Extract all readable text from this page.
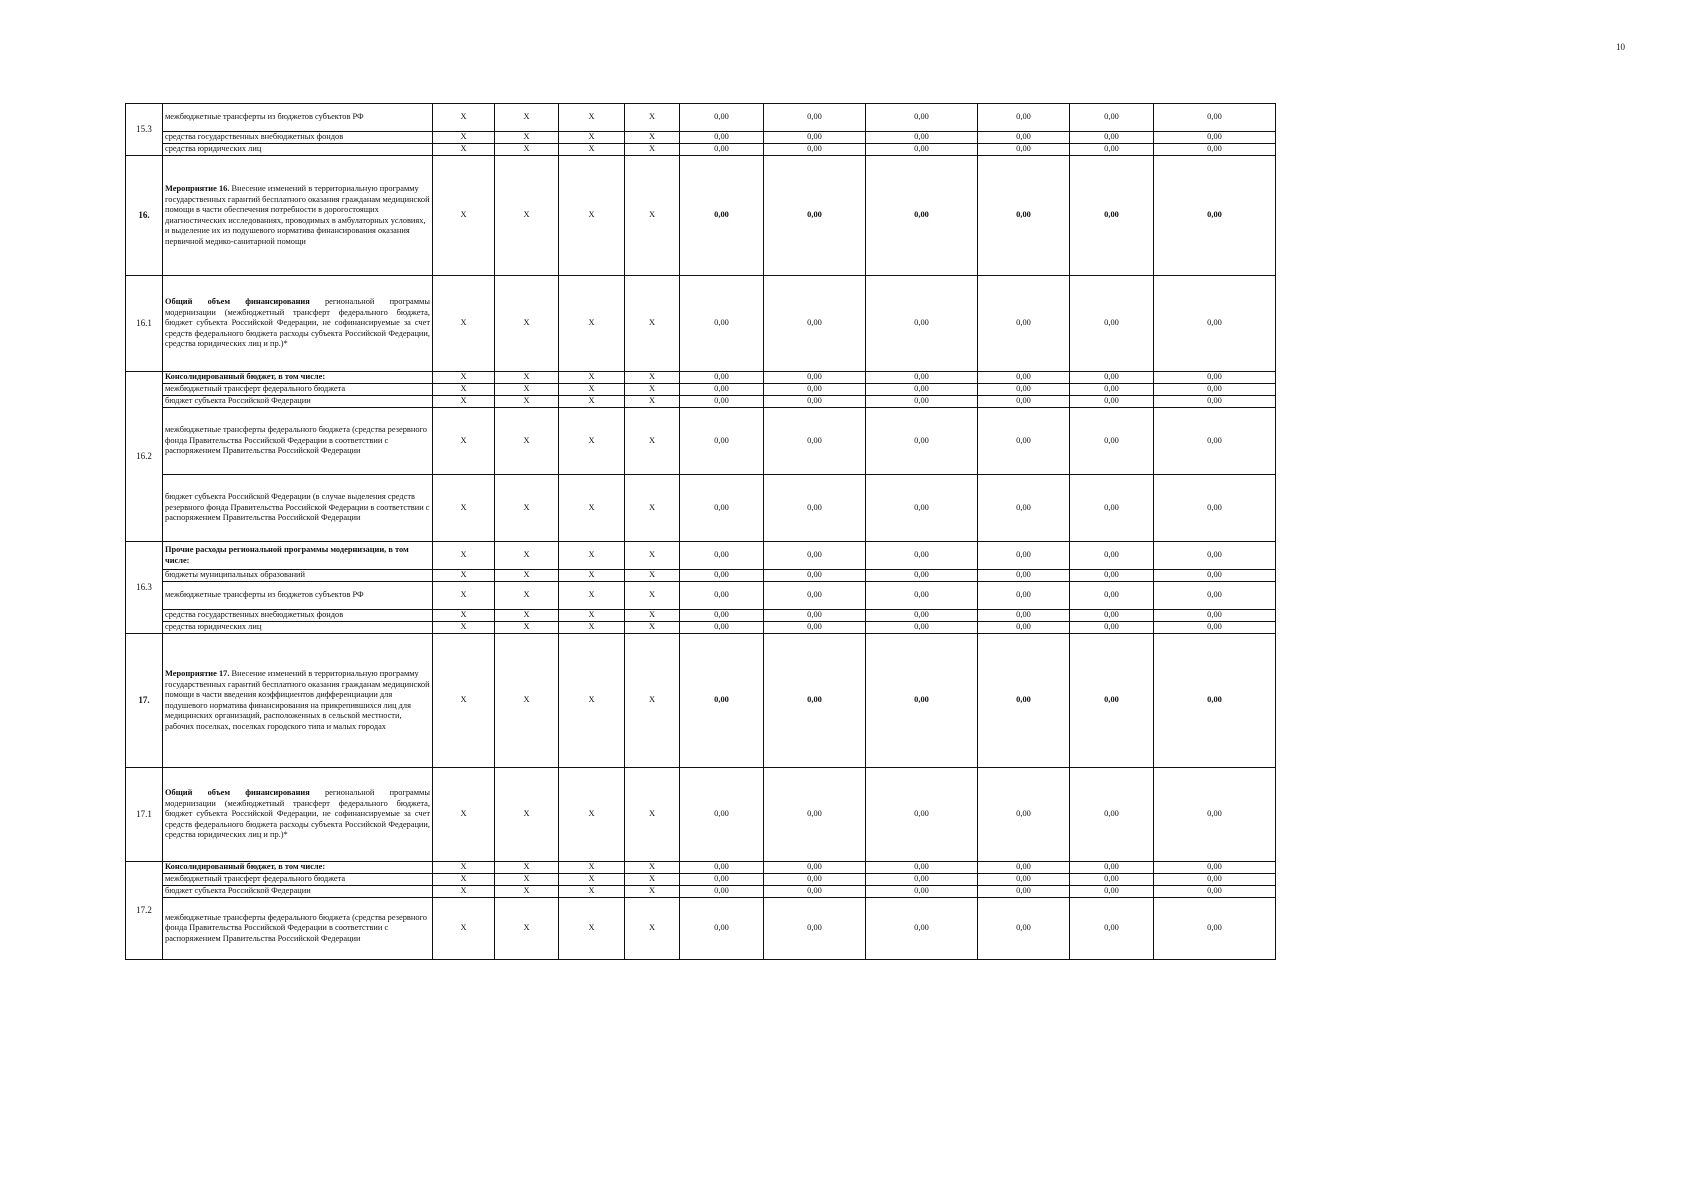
10
15.3	межбюджетные трансферты из бюджетов субъектов РФ	X	X	X	X	0,00	0,00	0,00	0,00	0,00	0,00
	средства государственных внебюджетных фондов	X	X	X	X	0,00	0,00	0,00	0,00	0,00	0,00
	средства юридических лиц	X	X	X	X	0,00	0,00	0,00	0,00	0,00	0,00
16.	Мероприятие 16. Внесение изменений в территориальную программу государственных гарантий бесплатного оказания гражданам медицинской помощи в части обеспечения потребности в дорогостоящих диагностических исследованиях, проводимых в амбулаторных условиях, и выделение их из подушевого норматива финансирования оказания первичной медико-санитарной помощи	X	X	X	X	0,00	0,00	0,00	0,00	0,00	0,00
16.1	Общий объем финансирования региональной программы модернизации (межбюджетный трансферт федерального бюджета, бюджет субъекта Российской Федерации, не софинансируемые за счет средств федерального бюджета расходы субъекта Российской Федерации, средства юридических лиц и пр.)*	X	X	X	X	0,00	0,00	0,00	0,00	0,00	0,00
16.2	Консолидированный бюджет, в том числе:	X	X	X	X	0,00	0,00	0,00	0,00	0,00	0,00
	межбюджетный трансферт федерального бюджета	X	X	X	X	0,00	0,00	0,00	0,00	0,00	0,00
	бюджет субъекта Российской Федерации	X	X	X	X	0,00	0,00	0,00	0,00	0,00	0,00
	межбюджетные трансферты федерального бюджета (средства резервного фонда Правительства Российской Федерации в соответствии с распоряжением Правительства Российской Федерации	X	X	X	X	0,00	0,00	0,00	0,00	0,00	0,00
	бюджет субъекта Российской Федерации (в случае выделения средств резервного фонда Правительства Российской Федерации в соответствии с распоряжением Правительства Российской Федерации	X	X	X	X	0,00	0,00	0,00	0,00	0,00	0,00
16.3	Прочие расходы региональной программы модернизации, в том числе:	X	X	X	X	0,00	0,00	0,00	0,00	0,00	0,00
	бюджеты муниципальных образований	X	X	X	X	0,00	0,00	0,00	0,00	0,00	0,00
	межбюджетные трансферты из бюджетов субъектов РФ	X	X	X	X	0,00	0,00	0,00	0,00	0,00	0,00
	средства государственных внебюджетных фондов	X	X	X	X	0,00	0,00	0,00	0,00	0,00	0,00
	средства юридических лиц	X	X	X	X	0,00	0,00	0,00	0,00	0,00	0,00
17.	Мероприятие 17. Внесение изменений в территориальную программу государственных гарантий бесплатного оказания гражданам медицинской помощи в части введения коэффициентов дифференциации для подушевого норматива финансирования на прикрепившихся лиц для медицинских организаций, расположенных в сельской местности, рабочих поселках, поселках городского типа и малых городах	X	X	X	X	0,00	0,00	0,00	0,00	0,00	0,00
17.1	Общий объем финансирования региональной программы модернизации (межбюджетный трансферт федерального бюджета, бюджет субъекта Российской Федерации, не софинансируемые за счет средств федерального бюджета расходы субъекта Российской Федерации, средства юридических лиц и пр.)*	X	X	X	X	0,00	0,00	0,00	0,00	0,00	0,00
17.2	Консолидированный бюджет, в том числе:	X	X	X	X	0,00	0,00	0,00	0,00	0,00	0,00
	межбюджетный трансферт федерального бюджета	X	X	X	X	0,00	0,00	0,00	0,00	0,00	0,00
	бюджет субъекта Российской Федерации	X	X	X	X	0,00	0,00	0,00	0,00	0,00	0,00
	межбюджетные трансферты федерального бюджета (средства резервного фонда Правительства Российской Федерации в соответствии с распоряжением Правительства Российской Федерации	X	X	X	X	0,00	0,00	0,00	0,00	0,00	0,00
